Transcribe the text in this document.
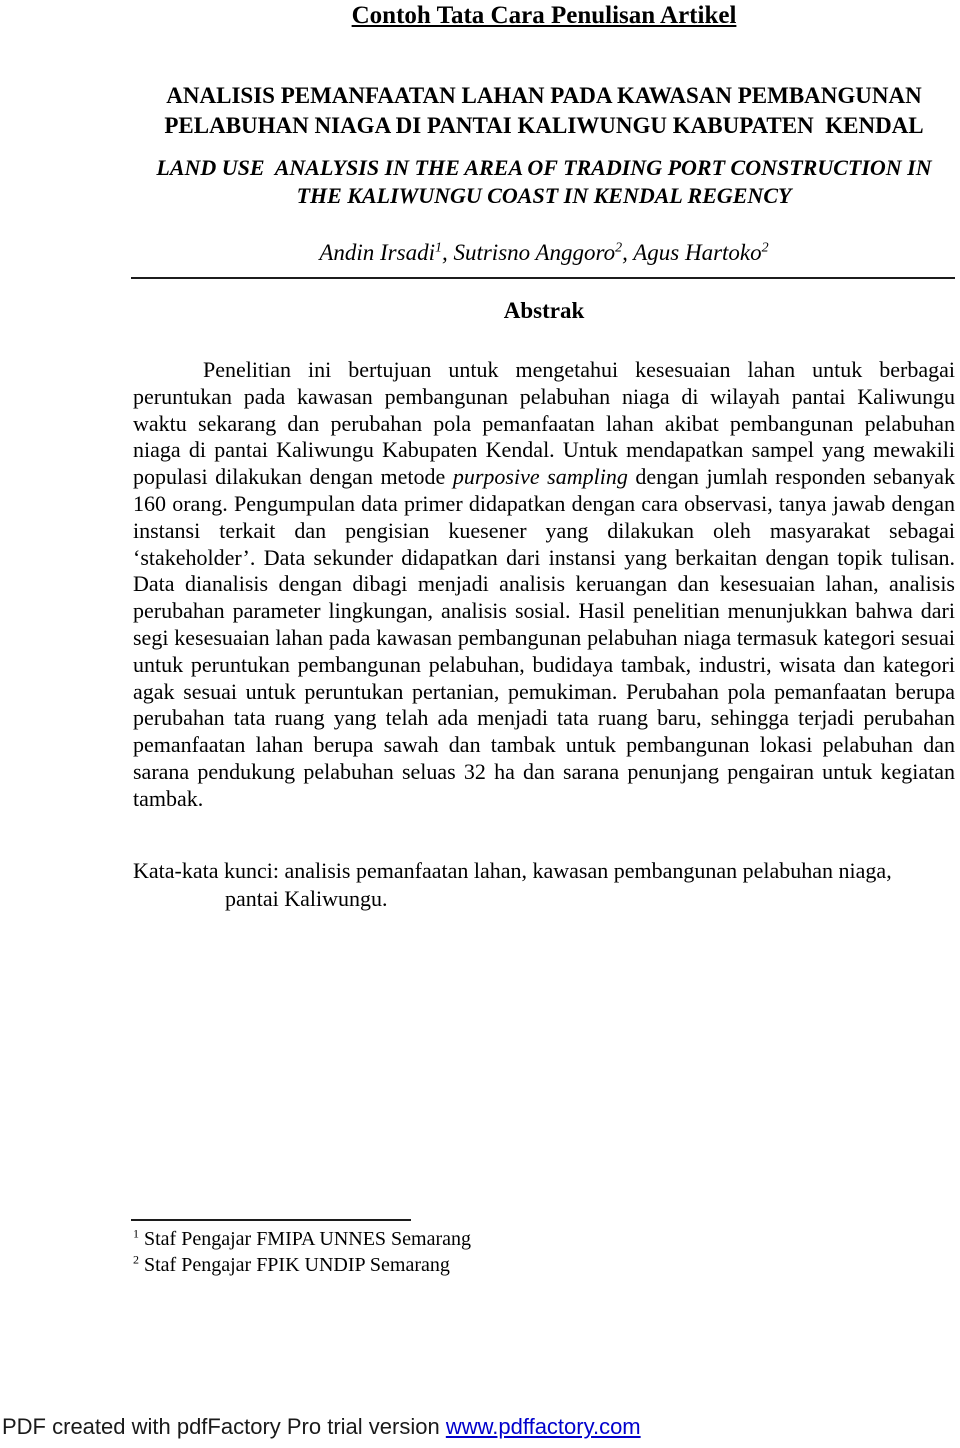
Contoh Tata Cara Penulisan Artikel
ANALISIS PEMANFAATAN LAHAN PADA KAWASAN PEMBANGUNAN
PELABUHAN NIAGA DI PANTAI KALIWUNGU KABUPATEN  KENDAL
LAND USE  ANALYSIS IN THE AREA OF TRADING PORT CONSTRUCTION IN
THE KALIWUNGU COAST IN KENDAL REGENCY
Andin Irsadi$^1$, Sutrisno Anggoro$^2$, Agus Hartoko$^2$
Abstrak
Penelitian ini bertujuan untuk mengetahui kesesuaian lahan untuk berbagai peruntukan pada kawasan pembangunan pelabuhan niaga di wilayah pantai Kaliwungu waktu sekarang dan perubahan pola pemanfaatan lahan akibat pembangunan pelabuhan niaga di pantai Kaliwungu Kabupaten Kendal. Untuk mendapatkan sampel yang mewakili populasi dilakukan dengan metode purposive sampling dengan jumlah responden sebanyak 160 orang. Pengumpulan data primer didapatkan dengan cara observasi, tanya jawab dengan instansi terkait dan pengisian kuesener yang dilakukan oleh masyarakat sebagai ‘stakeholder’. Data sekunder didapatkan dari instansi yang berkaitan dengan topik tulisan. Data dianalisis dengan dibagi menjadi analisis keruangan dan kesesuaian lahan, analisis perubahan parameter lingkungan, analisis sosial. Hasil penelitian menunjukkan bahwa dari segi kesesuaian lahan pada kawasan pembangunan pelabuhan niaga termasuk kategori sesuai untuk peruntukan pembangunan pelabuhan, budidaya tambak, industri, wisata dan kategori agak sesuai untuk peruntukan pertanian, pemukiman. Perubahan pola pemanfaatan berupa perubahan tata ruang yang telah ada menjadi tata ruang baru, sehingga terjadi perubahan pemanfaatan lahan berupa sawah dan tambak untuk pembangunan lokasi pelabuhan dan sarana pendukung pelabuhan seluas 32 ha dan sarana penunjang pengairan untuk kegiatan tambak.
Kata-kata kunci: analisis pemanfaatan lahan, kawasan pembangunan pelabuhan niaga,
pantai Kaliwungu.
$^1$ Staf Pengajar FMIPA UNNES Semarang
$^2$ Staf Pengajar FPIK UNDIP Semarang
PDF created with pdfFactory Pro trial version www.pdffactory.com
